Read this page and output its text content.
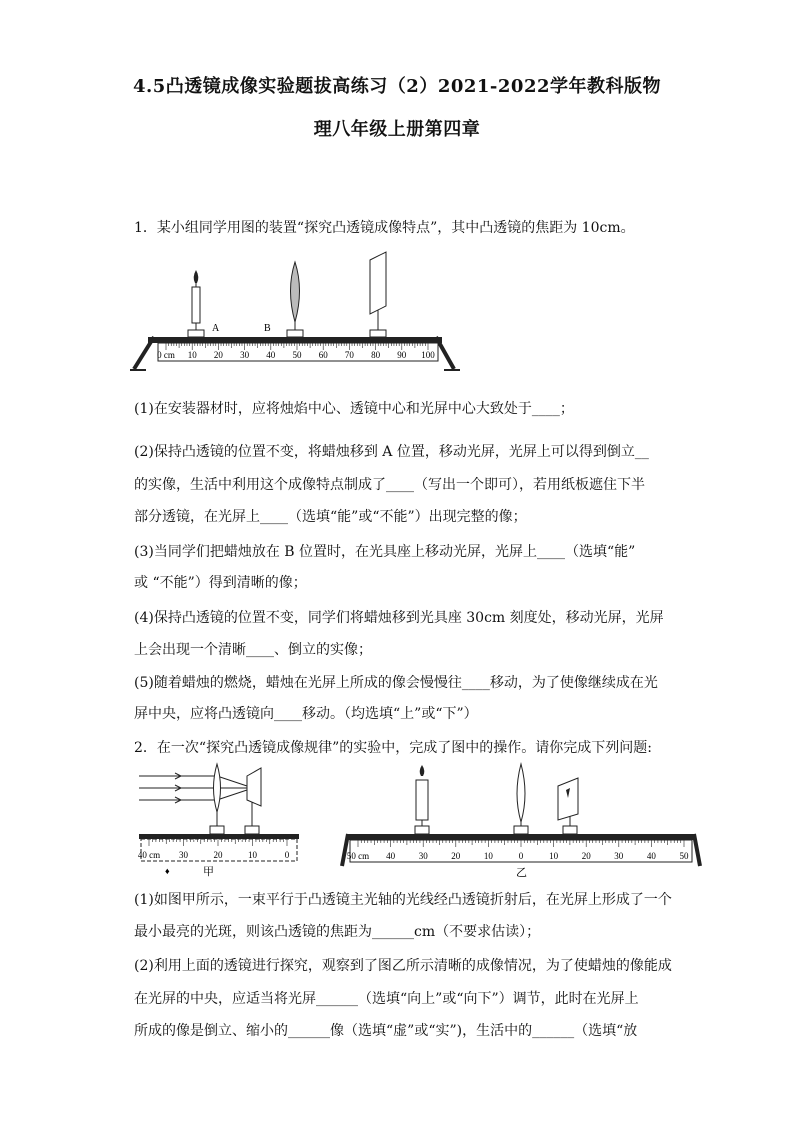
4.5凸透镜成像实验题拔高练习（2）2021-2022学年教科版物
理八年级上册第四章
1．某小组同学用图的装置“探究凸透镜成像特点”，其中凸透镜的焦距为 10cm。
A	B
0 cm 10 20 30 40 50 60 70 80 90 100
(1)在安装器材时，应将烛焰中心、透镜中心和光屏中心大致处于____；
(2)保持凸透镜的位置不变，将蜡烛移到 A 位置，移动光屏，光屏上可以得到倒立__
的实像，生活中利用这个成像特点制成了____（写出一个即可），若用纸板遮住下半
部分透镜，在光屏上____（选填“能”或“不能”）出现完整的像；
(3)当同学们把蜡烛放在 B 位置时，在光具座上移动光屏，光屏上____（选填“能”
或 “不能”）得到清晰的像；
(4)保持凸透镜的位置不变，同学们将蜡烛移到光具座 30cm 刻度处，移动光屏，光屏
上会出现一个清晰____、倒立的实像；
(5)随着蜡烛的燃烧，蜡烛在光屏上所成的像会慢慢往____移动，为了使像继续成在光
屏中央，应将凸透镜向____移动。（均选填“上”或“下”）
2．在一次“探究凸透镜成像规律”的实验中，完成了图中的操作。请你完成下列问题:
40 cm 30	20	10	0
♦	甲
50 cm 40	30	20	10	0	10	20	30	40	50
乙
(1)如图甲所示，一束平行于凸透镜主光轴的光线经凸透镜折射后，在光屏上形成了一个
最小最亮的光斑，则该凸透镜的焦距为______cm（不要求估读）；
(2)利用上面的透镜进行探究，观察到了图乙所示清晰的成像情况，为了使蜡烛的像能成
在光屏的中央，应适当将光屏______（选填“向上”或“向下”）调节，此时在光屏上
所成的像是倒立、缩小的______像（选填“虚”或“实”)，生活中的______（选填“放
